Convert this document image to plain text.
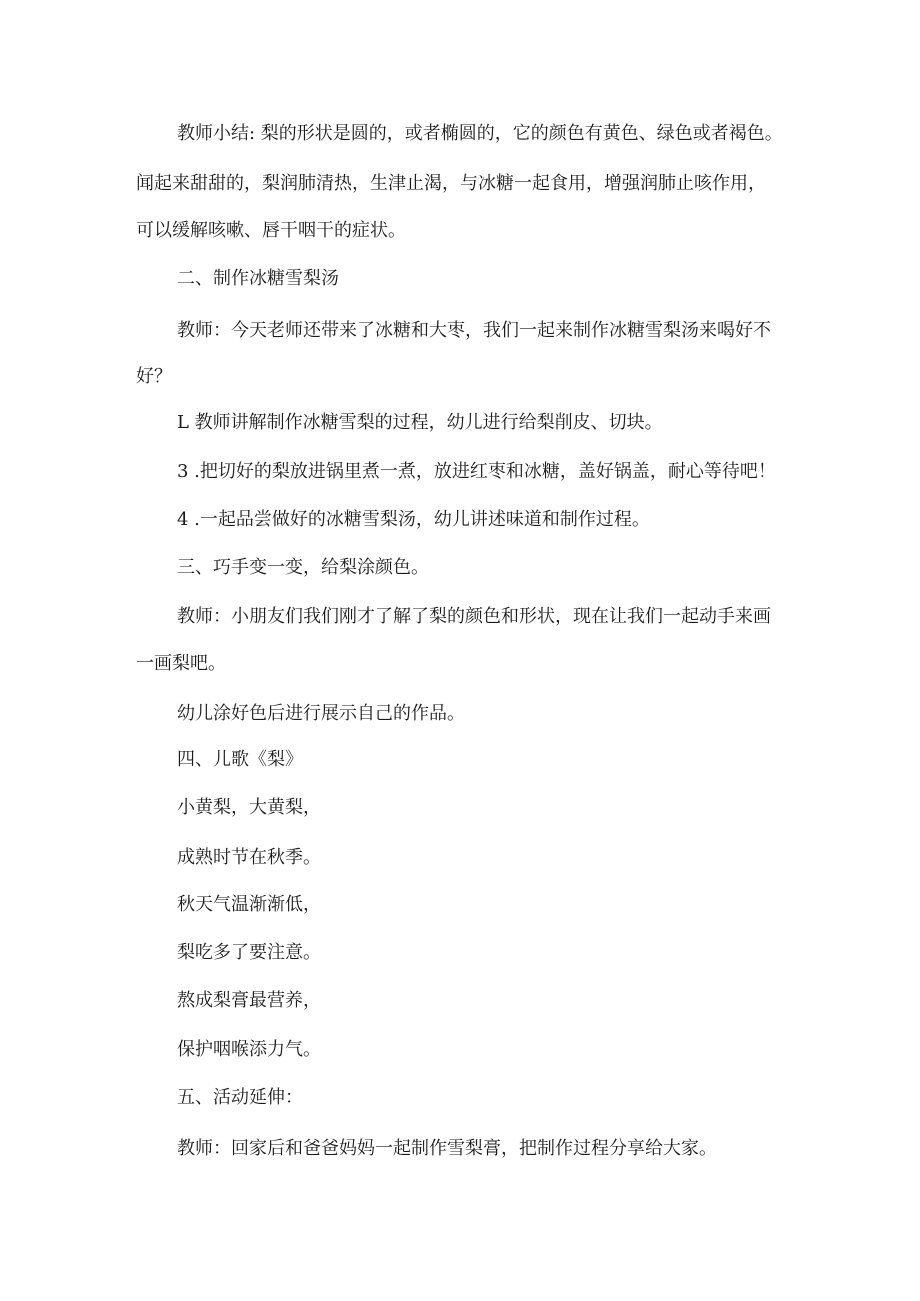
教师小结: 梨的形状是圆的，或者椭圆的，它的颜色有黄色、绿色或者褐色。
闻起来甜甜的，梨润肺清热，生津止渴，与冰糖一起食用，增强润肺止咳作用，
可以缓解咳嗽、唇干咽干的症状。
二、制作冰糖雪梨汤
教师：今天老师还带来了冰糖和大枣，我们一起来制作冰糖雪梨汤来喝好不
好？
L 教师讲解制作冰糖雪梨的过程，幼儿进行给梨削皮、切块。
3 .把切好的梨放进锅里煮一煮，放进红枣和冰糖，盖好锅盖，耐心等待吧！
4 .一起品尝做好的冰糖雪梨汤，幼儿讲述味道和制作过程。
三、巧手变一变，给梨涂颜色。
教师：小朋友们我们刚才了解了梨的颜色和形状，现在让我们一起动手来画
一画梨吧。
幼儿涂好色后进行展示自己的作品。
四、儿歌《梨》
小黄梨，大黄梨，
成熟时节在秋季。
秋天气温渐渐低，
梨吃多了要注意。
熬成梨膏最营养，
保护咽喉添力气。
五、活动延伸：
教师：回家后和爸爸妈妈一起制作雪梨膏，把制作过程分享给大家。
